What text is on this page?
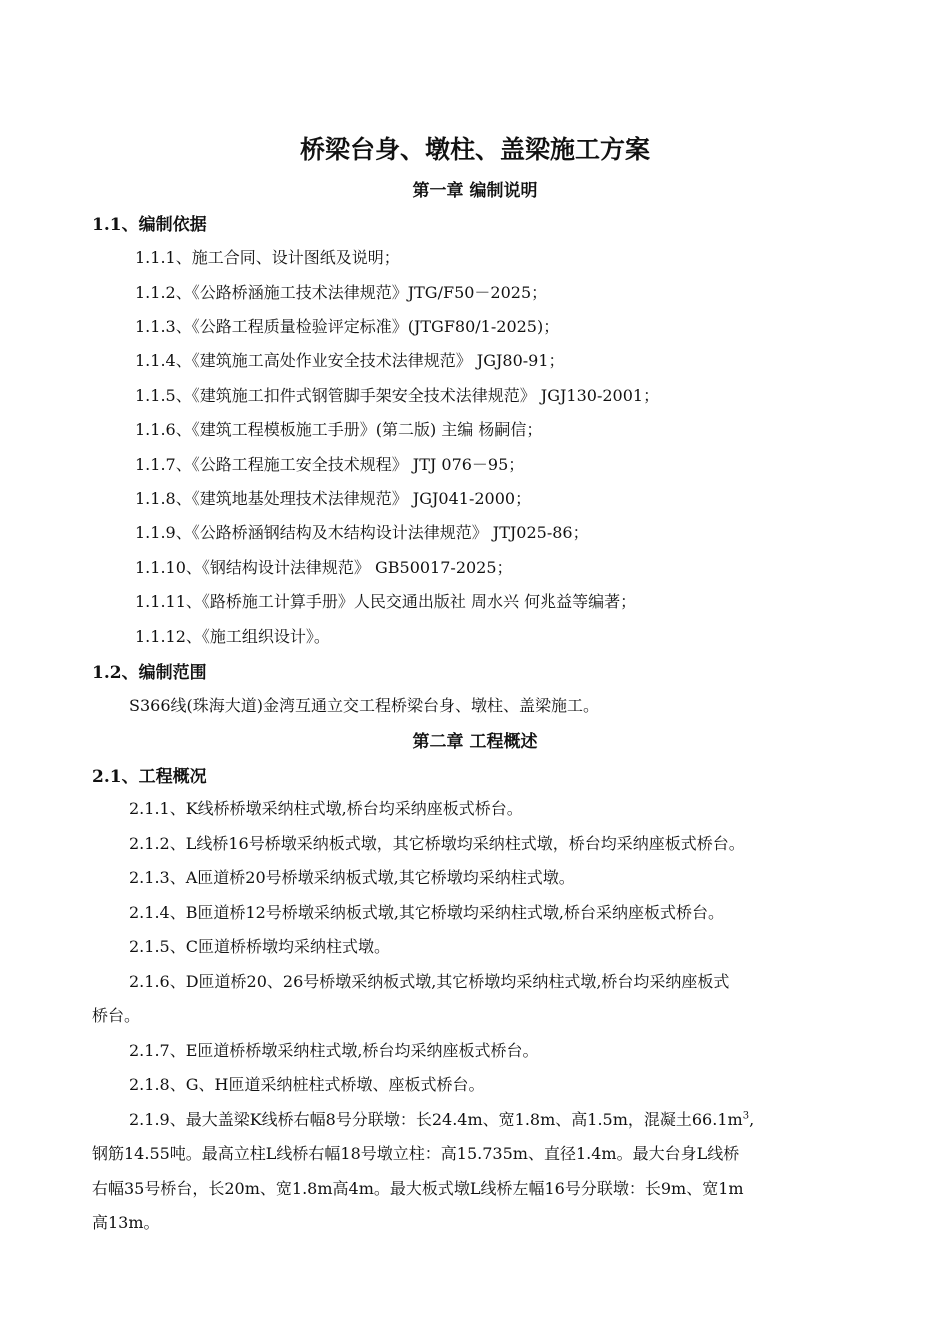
桥梁台身、墩柱、盖梁施工方案
第一章 编制说明
1.1、编制依据
1.1.1、施工合同、设计图纸及说明；
1.1.2、《公路桥涵施工技术法律规范》JTG/F50－2025；
1.1.3、《公路工程质量检验评定标准》(JTGF80/1-2025)；
1.1.4、《建筑施工高处作业安全技术法律规范》 JGJ80-91；
1.1.5、《建筑施工扣件式钢管脚手架安全技术法律规范》 JGJ130-2001；
1.1.6、《建筑工程模板施工手册》(第二版) 主编 杨嗣信；
1.1.7、《公路工程施工安全技术规程》 JTJ 076－95；
1.1.8、《建筑地基处理技术法律规范》 JGJ041-2000；
1.1.9、《公路桥涵钢结构及木结构设计法律规范》 JTJ025-86；
1.1.10、《钢结构设计法律规范》 GB50017-2025；
1.1.11、《路桥施工计算手册》人民交通出版社 周水兴 何兆益等编著；
1.1.12、《施工组织设计》。
1.2、编制范围
S366线(珠海大道)金湾互通立交工程桥梁台身、墩柱、盖梁施工。
第二章 工程概述
2.1、工程概况
2.1.1、K线桥桥墩采纳柱式墩,桥台均采纳座板式桥台。
2.1.2、L线桥16号桥墩采纳板式墩，其它桥墩均采纳柱式墩，桥台均采纳座板式桥台。
2.1.3、A匝道桥20号桥墩采纳板式墩,其它桥墩均采纳柱式墩。
2.1.4、B匝道桥12号桥墩采纳板式墩,其它桥墩均采纳柱式墩,桥台采纳座板式桥台。
2.1.5、C匝道桥桥墩均采纳柱式墩。
2.1.6、D匝道桥20、26号桥墩采纳板式墩,其它桥墩均采纳柱式墩,桥台均采纳座板式
桥台。
2.1.7、E匝道桥桥墩采纳柱式墩,桥台均采纳座板式桥台。
2.1.8、G、H匝道采纳桩柱式桥墩、座板式桥台。
2.1.9、最大盖梁K线桥右幅8号分联墩：长24.4m、宽1.8m、高1.5m，混凝土$66.1m^3$,
钢筋14.55吨。最高立柱L线桥右幅18号墩立柱：高15.735m、直径1.4m。最大台身L线桥
右幅35号桥台，长20m、宽1.8m高4m。最大板式墩L线桥左幅16号分联墩：长9m、宽1m
高13m。
